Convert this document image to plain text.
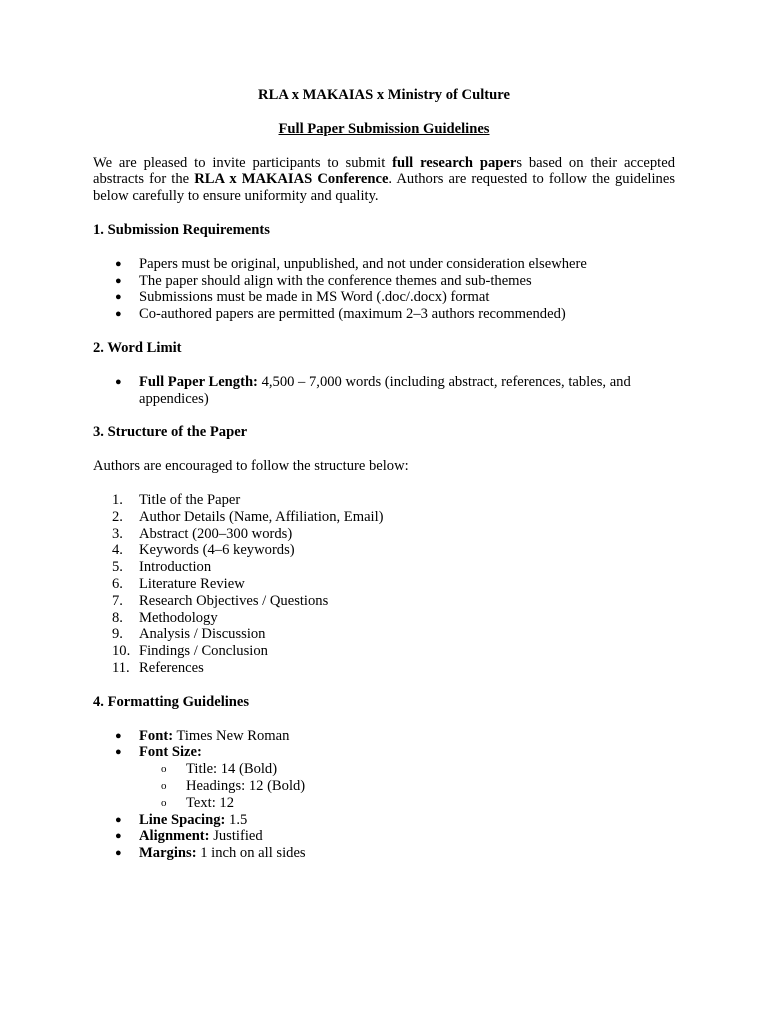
RLA x MAKAIAS x Ministry of Culture

Full Paper Submission Guidelines

We are pleased to invite participants to submit full research papers based on their accepted abstracts for the RLA x MAKAIAS Conference. Authors are requested to follow the guidelines below carefully to ensure uniformity and quality.

1. Submission Requirements
● Papers must be original, unpublished, and not under consideration elsewhere
● The paper should align with the conference themes and sub-themes
● Submissions must be made in MS Word (.doc/.docx) format
● Co-authored papers are permitted (maximum 2–3 authors recommended)
2. Word Limit
● Full Paper Length: 4,500 – 7,000 words (including abstract, references, tables, and appendices)
3. Structure of the Paper

Authors are encouraged to follow the structure below:

1. Title of the Paper
2. Author Details (Name, Affiliation, Email)
3. Abstract (200–300 words)
4. Keywords (4–6 keywords)
5. Introduction
6. Literature Review
7. Research Objectives / Questions
8. Methodology
9. Analysis / Discussion
10. Findings / Conclusion
11. References
4. Formatting Guidelines
● Font: Times New Roman
● Font Size:
o Title: 14 (Bold)
o Headings: 12 (Bold)
o Text: 12
● Line Spacing: 1.5
● Alignment: Justified
● Margins: 1 inch on all sides
